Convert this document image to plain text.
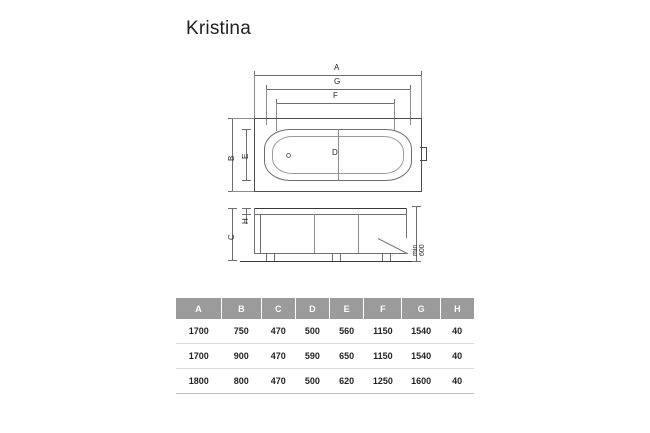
Kristina
A
G
F
D
B E
H
C
min 600
A	B	C	D	E	F	G	H
1700	750	470	500	560	1150	1540	40
1700	900	470	590	650	1150	1540	40
1800	800	470	500	620	1250	1600	40
